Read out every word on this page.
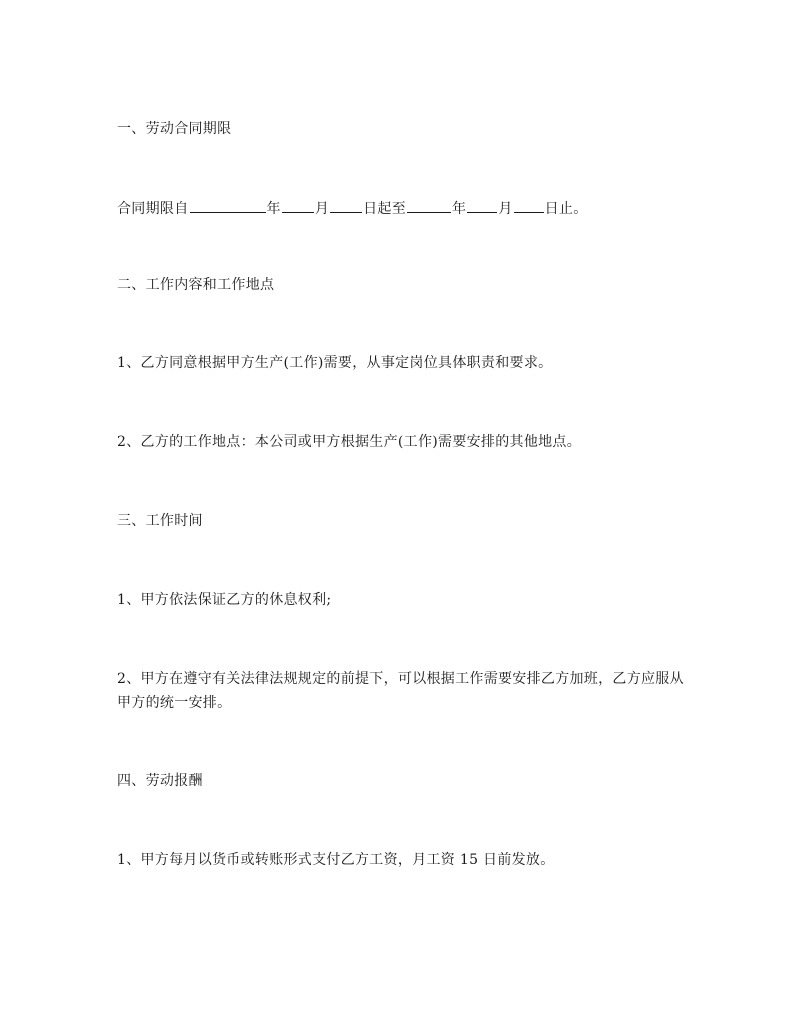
一、劳动合同期限
合同期限自	年 月 日起至	年 月 日止。
二、工作内容和工作地点
1、乙方同意根据甲方生产(工作)需要，从事定岗位具体职责和要求。
2、乙方的工作地点：本公司或甲方根据生产(工作)需要安排的其他地点。
三、工作时间
1、甲方依法保证乙方的休息权利;
2、甲方在遵守有关法律法规规定的前提下，可以根据工作需要安排乙方加班，乙方应服从甲方的统一安排。
四、劳动报酬
1、甲方每月以货币或转账形式支付乙方工资，月工资 15 日前发放。
